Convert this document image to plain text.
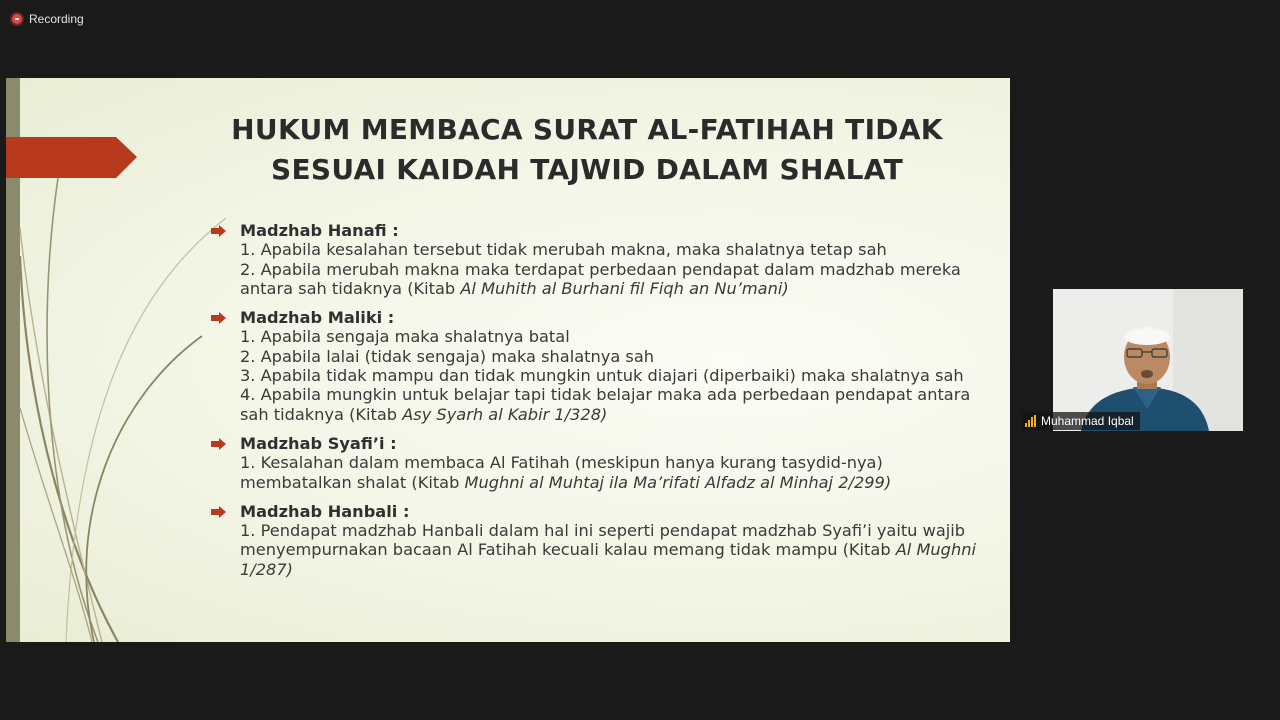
Recording
HUKUM MEMBACA SURAT AL-FATIHAH TIDAK
SESUAI KAIDAH TAJWID DALAM SHALAT
Madzhab Hanafi :
1. Apabila kesalahan tersebut tidak merubah makna, maka shalatnya tetap sah
2. Apabila merubah makna maka terdapat perbedaan pendapat dalam madzhab mereka antara sah tidaknya (Kitab Al Muhith al Burhani fil Fiqh an Nu’mani)
Madzhab Maliki :
1. Apabila sengaja maka shalatnya batal
2. Apabila lalai (tidak sengaja) maka shalatnya sah
3. Apabila tidak mampu dan tidak mungkin untuk diajari (diperbaiki) maka shalatnya sah
4. Apabila mungkin untuk belajar tapi tidak belajar maka ada perbedaan pendapat antara sah tidaknya (Kitab Asy Syarh al Kabir 1/328)
Madzhab Syafi’i :
1. Kesalahan dalam membaca Al Fatihah (meskipun hanya kurang tasydid-nya) membatalkan shalat (Kitab Mughni al Muhtaj ila Ma’rifati Alfadz al Minhaj 2/299)
Madzhab Hanbali :
1. Pendapat madzhab Hanbali dalam hal ini seperti pendapat madzhab Syafi’i yaitu wajib menyempurnakan bacaan Al Fatihah kecuali kalau memang tidak mampu (Kitab Al Mughni 1/287)
Muhammad Iqbal
